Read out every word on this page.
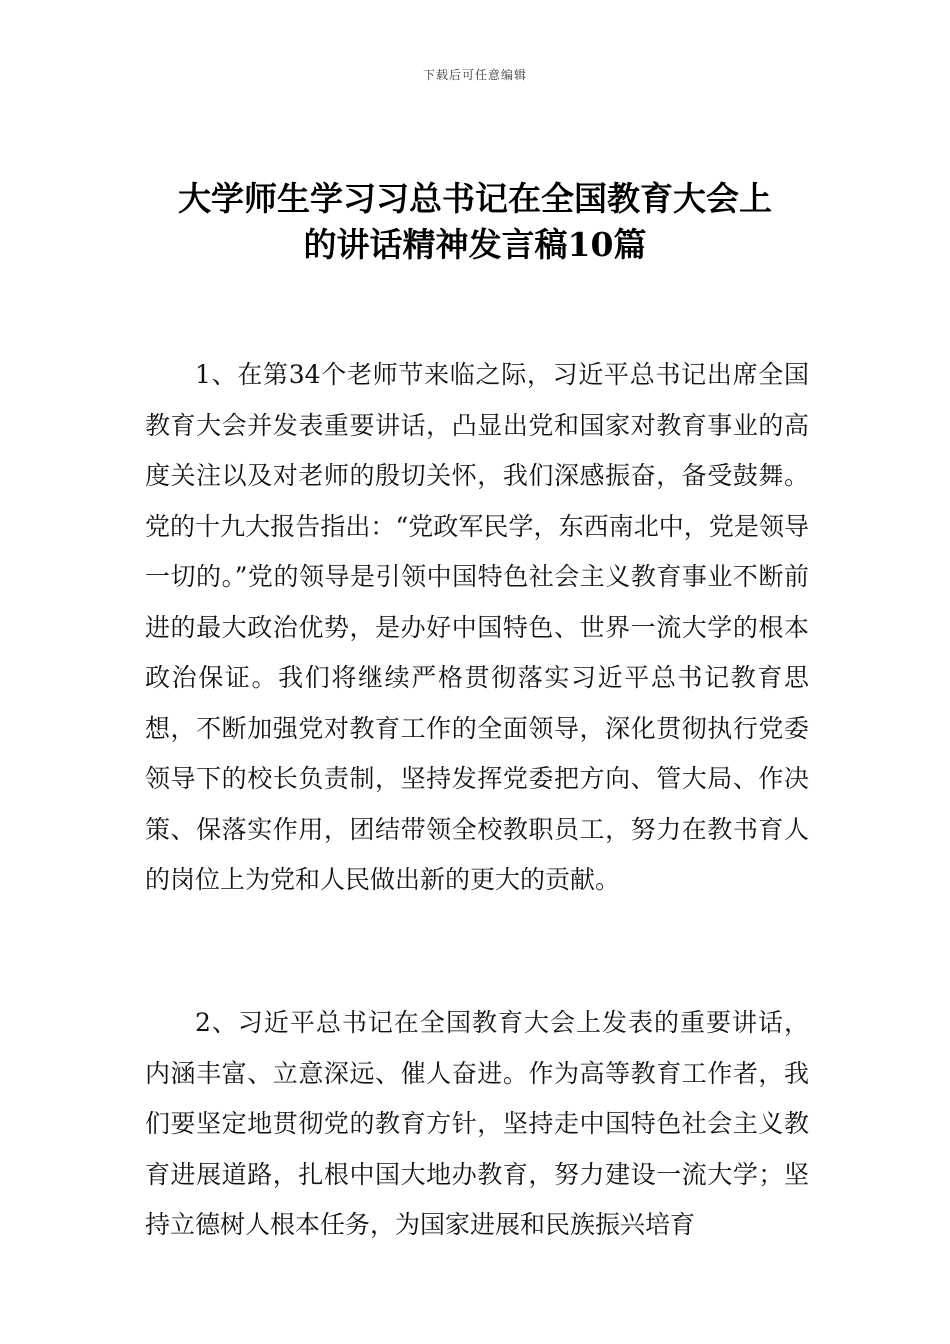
下载后可任意编辑
大学师生学习习总书记在全国教育大会上
的讲话精神发言稿10篇

1、在第34个老师节来临之际，习近平总书记出席全国教育大会并发表重要讲话，凸显出党和国家对教育事业的高度关注以及对老师的殷切关怀，我们深感振奋，备受鼓舞。党的十九大报告指出：“党政军民学，东西南北中，党是领导一切的。”党的领导是引领中国特色社会主义教育事业不断前进的最大政治优势，是办好中国特色、世界一流大学的根本政治保证。我们将继续严格贯彻落实习近平总书记教育思想，不断加强党对教育工作的全面领导，深化贯彻执行党委领导下的校长负责制，坚持发挥党委把方向、管大局、作决策、保落实作用，团结带领全校教职员工，努力在教书育人的岗位上为党和人民做出新的更大的贡献。

2、习近平总书记在全国教育大会上发表的重要讲话，内涵丰富、立意深远、催人奋进。作为高等教育工作者，我们要坚定地贯彻党的教育方针，坚持走中国特色社会主义教育进展道路，扎根中国大地办教育，努力建设一流大学；坚持立德树人根本任务，为国家进展和民族振兴培育
